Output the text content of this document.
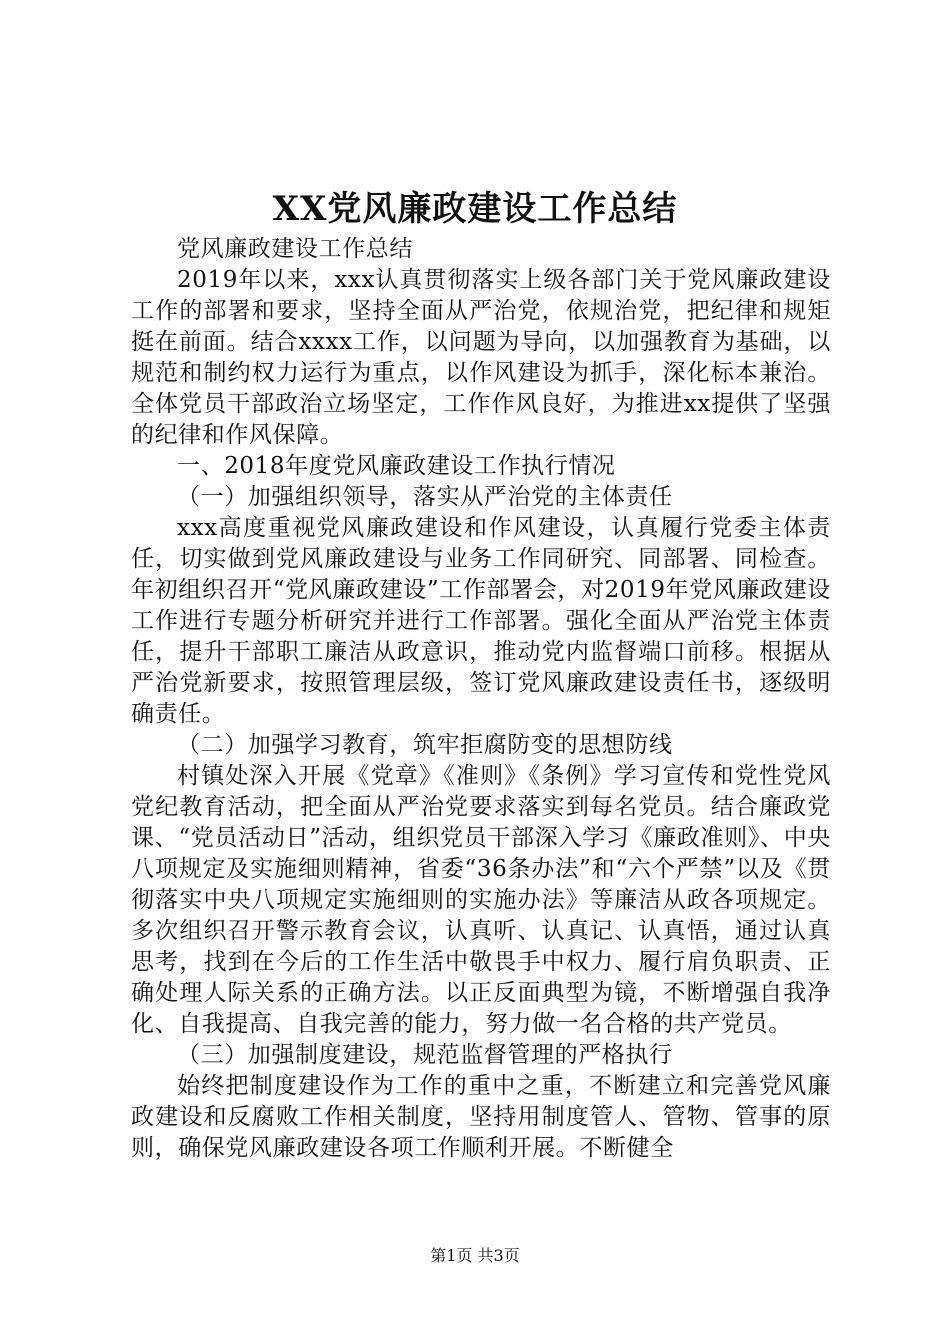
XX党风廉政建设工作总结

党风廉政建设工作总结

2019年以来，xxx认真贯彻落实上级各部门关于党风廉政建设工作的部署和要求，坚持全面从严治党，依规治党，把纪律和规矩挺在前面。结合xxxx工作，以问题为导向，以加强教育为基础，以规范和制约权力运行为重点，以作风建设为抓手，深化标本兼治。全体党员干部政治立场坚定，工作作风良好，为推进xx提供了坚强的纪律和作风保障。

一、2018年度党风廉政建设工作执行情况

（一）加强组织领导，落实从严治党的主体责任

xxx高度重视党风廉政建设和作风建设，认真履行党委主体责任，切实做到党风廉政建设与业务工作同研究、同部署、同检查。年初组织召开“党风廉政建设”工作部署会，对2019年党风廉政建设工作进行专题分析研究并进行工作部署。强化全面从严治党主体责任，提升干部职工廉洁从政意识，推动党内监督端口前移。根据从严治党新要求，按照管理层级，签订党风廉政建设责任书，逐级明确责任。

（二）加强学习教育，筑牢拒腐防变的思想防线

村镇处深入开展《党章》《准则》《条例》学习宣传和党性党风党纪教育活动，把全面从严治党要求落实到每名党员。结合廉政党课、“党员活动日”活动，组织党员干部深入学习《廉政准则》、中央八项规定及实施细则精神，省委“36条办法”和“六个严禁”以及《贯彻落实中央八项规定实施细则的实施办法》等廉洁从政各项规定。多次组织召开警示教育会议，认真听、认真记、认真悟，通过认真思考，找到在今后的工作生活中敬畏手中权力、履行肩负职责、正确处理人际关系的正确方法。以正反面典型为镜，不断增强自我净化、自我提高、自我完善的能力，努力做一名合格的共产党员。

（三）加强制度建设，规范监督管理的严格执行

始终把制度建设作为工作的重中之重，不断建立和完善党风廉政建设和反腐败工作相关制度，坚持用制度管人、管物、管事的原则，确保党风廉政建设各项工作顺利开展。不断健全

第1页 共3页
